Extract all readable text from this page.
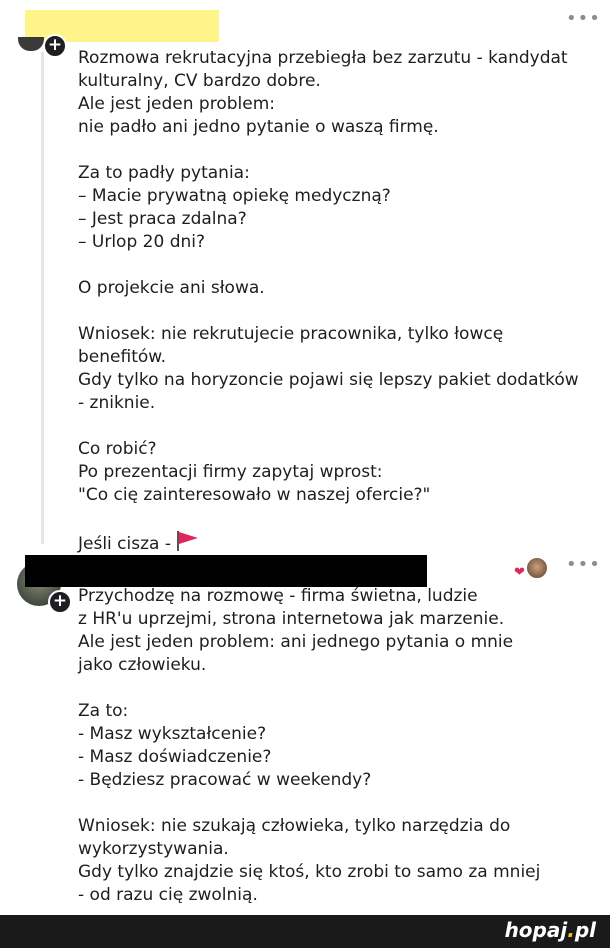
•••
+
Rozmowa rekrutacyjna przebiegła bez zarzutu - kandydat
kulturalny, CV bardzo dobre.
Ale jest jeden problem:
nie padło ani jedno pytanie o waszą firmę.

Za to padły pytania:
– Macie prywatną opiekę medyczną?
– Jest praca zdalna?
– Urlop 20 dni?

O projekcie ani słowa.

Wniosek: nie rekrutujecie pracownika, tylko łowcę
benefitów.
Gdy tylko na horyzoncie pojawi się lepszy pakiet dodatków
- zniknie.

Co robić?
Po prezentacji firmy zapytaj wprost:
"Co cię zainteresowało w naszej ofercie?"

Jeśli cisza -
❤ •••
+ Przychodzę na rozmowę - firma świetna, ludzie
z HR'u uprzejmi, strona internetowa jak marzenie.
Ale jest jeden problem: ani jednego pytania o mnie
jako człowieku.

Za to:
- Masz wykształcenie?
- Masz doświadczenie?
- Będziesz pracować w weekendy?

Wniosek: nie szukają człowieka, tylko narzędzia do
wykorzystywania.
Gdy tylko znajdzie się ktoś, kto zrobi to samo za mniej
- od razu cię zwolnią.
hopaj.pl
